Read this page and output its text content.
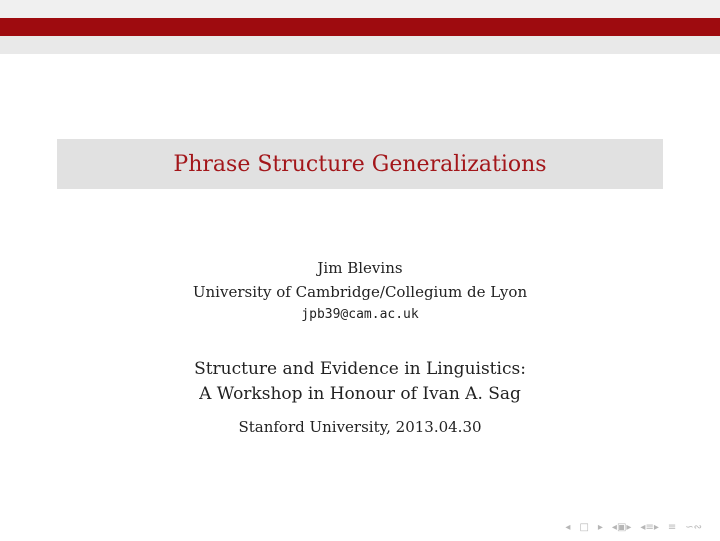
Phrase Structure Generalizations
Jim Blevins
University of Cambridge/Collegium de Lyon
jpb39@cam.ac.uk
Structure and Evidence in Linguistics:
A Workshop in Honour of Ivan A. Sag
Stanford University, 2013.04.30
◂ □ ▸ ◂▣▸ ◂≡▸ ≡ ∽∾
